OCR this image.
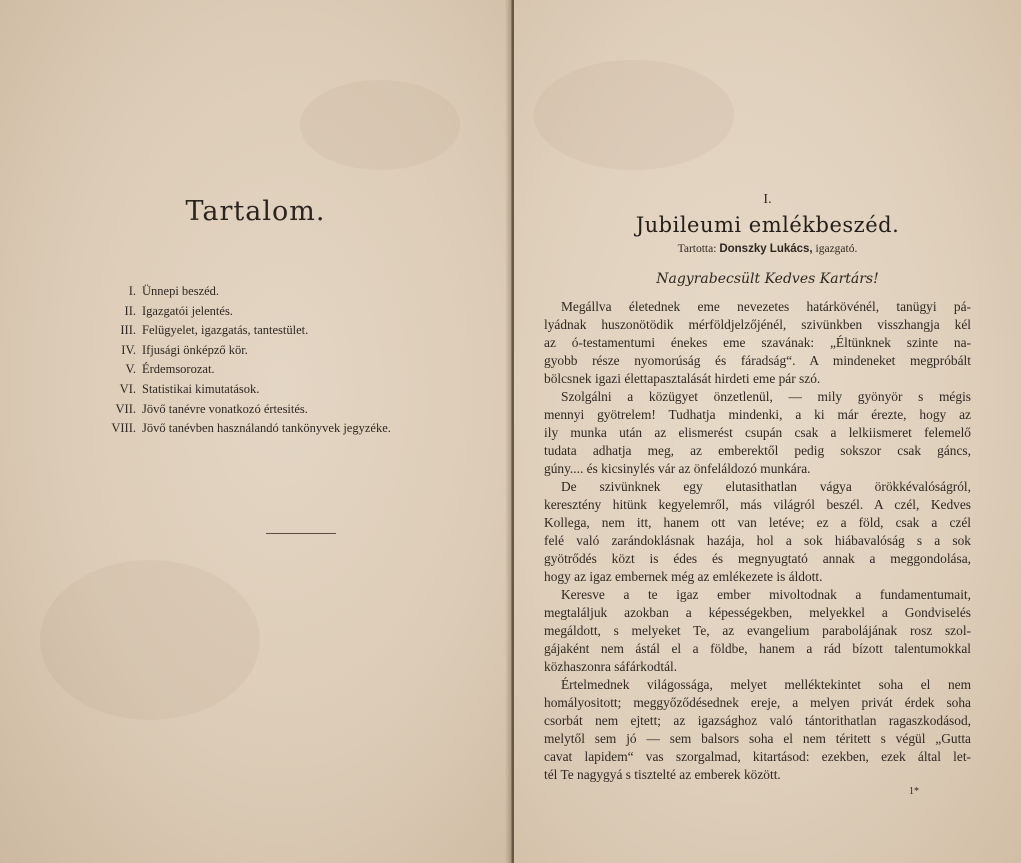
Tartalom.
I. Ünnepi beszéd.
II. Igazgatói jelentés.
III. Felügyelet, igazgatás, tantestület.
IV. Ifjusági önképző kör.
V. Érdemsorozat.
VI. Statistikai kimutatások.
VII. Jövő tanévre vonatkozó értesités.
VIII. Jövő tanévben használandó tankönyvek jegyzéke.
I.
Jubileumi emlékbeszéd.
Tartotta: Donszky Lukács, igazgató.
Nagyrabecsült Kedves Kartárs!
Megállva életednek eme nevezetes határkövénél, tanügyi pá-
lyádnak huszonötödik mérföldjelzőjénél, szivünkben visszhangja kél
az ó-testamentumi énekes eme szavának: „Éltünknek szinte na-
gyobb része nyomorúság és fáradság“. A mindeneket megpróbált
bölcsnek igazi élettapasztalását hirdeti eme pár szó.
Szolgálni a közügyet önzetlenül, — mily gyönyör s mégis
mennyi gyötrelem! Tudhatja mindenki, a ki már érezte, hogy az
ily munka után az elismerést csupán csak a lelkiismeret felemelő
tudata adhatja meg, az emberektől pedig sokszor csak gáncs,
gúny.... és kicsinylés vár az önfeláldozó munkára.
De szivünknek egy elutasithatlan vágya örökkévalóságról,
keresztény hitünk kegyelemről, más világról beszél. A czél, Kedves
Kollega, nem itt, hanem ott van letéve; ez a föld, csak a czél
felé való zarándoklásnak hazája, hol a sok hiábavalóság s a sok
gyötrődés közt is édes és megnyugtató annak a meggondolása,
hogy az igaz embernek még az emlékezete is áldott.
Keresve a te igaz ember mivoltodnak a fundamentumait,
megtaláljuk azokban a képességekben, melyekkel a Gondviselés
megáldott, s melyeket Te, az evangelium parabolájának rosz szol-
gájaként nem ástál el a földbe, hanem a rád bízott talentumokkal
közhaszonra sáfárkodtál.
Értelmednek világossága, melyet melléktekintet soha el nem
homályositott; meggyőződésednek ereje, a melyen privát érdek soha
csorbát nem ejtett; az igazsághoz való tántorithatlan ragaszkodásod,
melytől sem jó — sem balsors soha el nem téritett s végül „Gutta
cavat lapidem“ vas szorgalmad, kitartásod: ezekben, ezek által let-
tél Te nagygyá s tisztelté az emberek között.
1*
